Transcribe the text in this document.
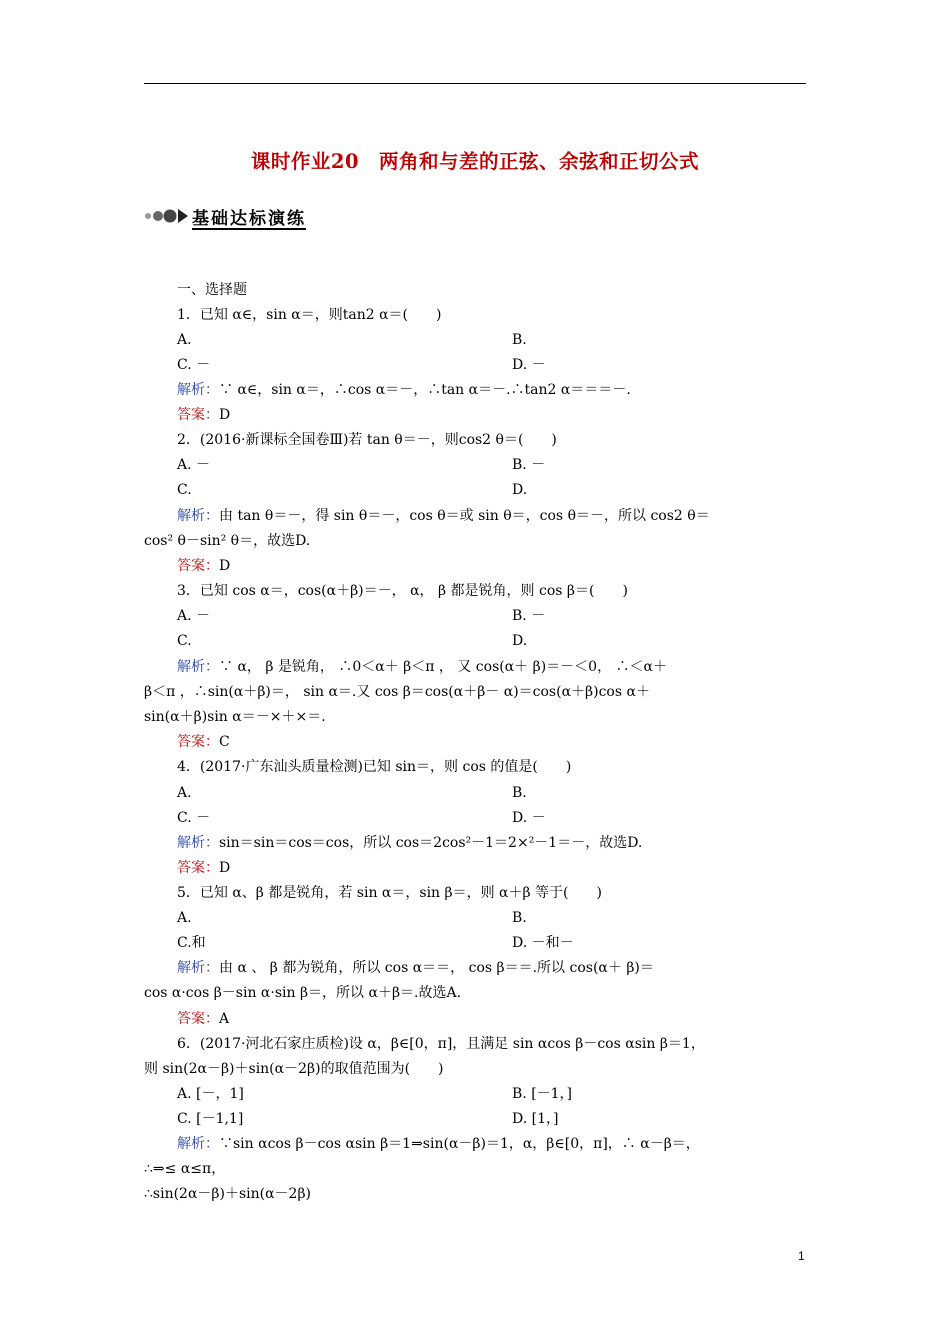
课时作业20　两角和与差的正弦、余弦和正切公式
基础达标演练
一、选择题
1．已知 α∈，sin α＝，则tan2 α＝(　　)
A.	B.
C. －	D. －
解析：∵ α∈，sin α＝，∴cos α＝－，∴tan α＝－.∴tan2 α＝＝＝－.
答案：D
2．(2016·新课标全国卷Ⅲ)若 tan θ＝－，则cos2 θ＝(　　)
A. －	B. －
C.	D.
解析：由 tan θ＝－，得 sin θ＝－，cos θ＝或 sin θ＝，cos θ＝－，所以 cos2 θ＝
cos² θ－sin² θ＝，故选D.
答案：D
3．已知 cos α＝，cos(α＋β)＝－， α， β 都是锐角，则 cos β＝(　　)
A. －	B. －
C.	D.
解析：∵ α， β 是锐角， ∴0＜α＋ β＜π ， 又 cos(α＋ β)＝－＜0， ∴＜α＋
β＜π ，∴sin(α＋β)＝， sin α＝.又 cos β＝cos(α＋β－ α)＝cos(α＋β)cos α＋
sin(α＋β)sin α＝－×＋×＝.
答案：C
4．(2017·广东汕头质量检测)已知 sin＝，则 cos 的值是(　　)
A.	B.
C. －	D. －
解析：sin＝sin＝cos＝cos，所以 cos＝2cos²－1＝2×²－1＝－，故选D.
答案：D
5．已知 α、β 都是锐角，若 sin α＝，sin β＝，则 α＋β 等于(　　)
A.	B.
C.和	D. －和－
解析：由 α 、 β 都为锐角，所以 cos α＝＝， cos β＝＝.所以 cos(α＋ β)＝
cos α·cos β－sin α·sin β＝，所以 α＋β＝.故选A.
答案：A
6．(2017·河北石家庄质检)设 α，β∈[0，π]，且满足 sin αcos β－cos αsin β＝1，
则 sin(2α－β)＋sin(α－2β)的取值范围为(　　)
A. [－，1]	B. [－1，]
C. [－1,1]	D. [1，]
解析：∵sin αcos β－cos αsin β＝1⇒sin(α－β)＝1，α，β∈[0，π]，∴ α－β＝，
∴⇒≤ α≤π，
∴sin(2α－β)＋sin(α－2β)
1
